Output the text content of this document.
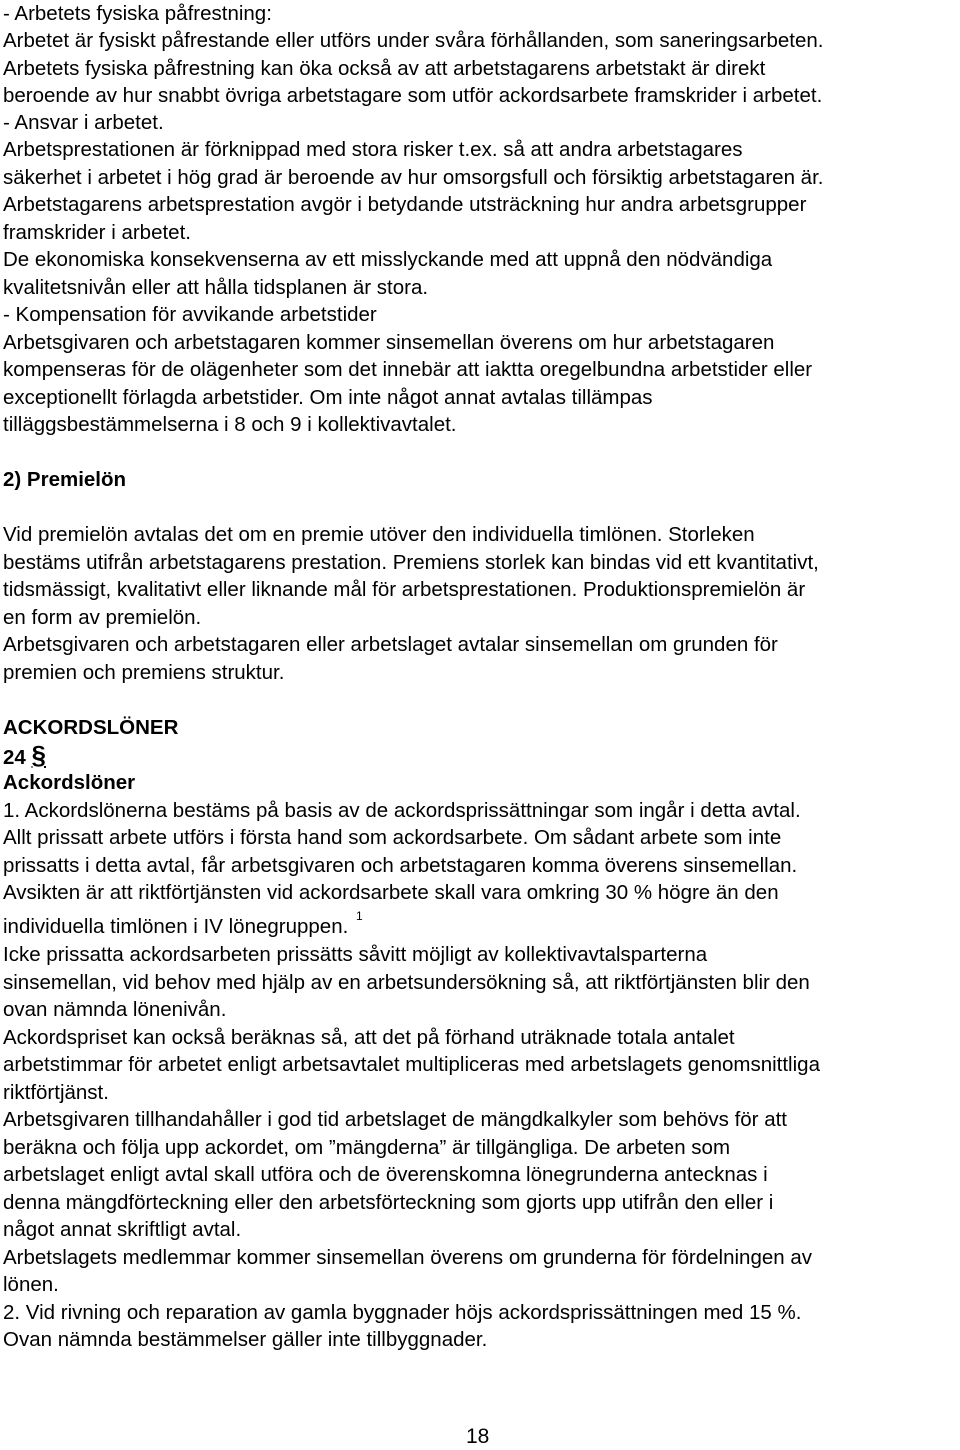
- Arbetets fysiska påfrestning:
Arbetet är fysiskt påfrestande eller utförs under svåra förhållanden, som saneringsarbeten.
Arbetets fysiska påfrestning kan öka också av att arbetstagarens arbetstakt är direkt
beroende av hur snabbt övriga arbetstagare som utför ackordsarbete framskrider i arbetet.
- Ansvar i arbetet.
Arbetsprestationen är förknippad med stora risker t.ex. så att andra arbetstagares
säkerhet i arbetet i hög grad är beroende av hur omsorgsfull och försiktig arbetstagaren är.
Arbetstagarens arbetsprestation avgör i betydande utsträckning hur andra arbetsgrupper
framskrider i arbetet.
De ekonomiska konsekvenserna av ett misslyckande med att uppnå den nödvändiga
kvalitetsnivån eller att hålla tidsplanen är stora.
- Kompensation för avvikande arbetstider
Arbetsgivaren och arbetstagaren kommer sinsemellan överens om hur arbetstagaren
kompenseras för de olägenheter som det innebär att iaktta oregelbundna arbetstider eller
exceptionellt förlagda arbetstider. Om inte något annat avtalas tillämpas
tilläggsbestämmelserna i 8 och 9 i kollektivavtalet.
2) Premielön
Vid premielön avtalas det om en premie utöver den individuella timlönen. Storleken
bestäms utifrån arbetstagarens prestation. Premiens storlek kan bindas vid ett kvantitativt,
tidsmässigt, kvalitativt eller liknande mål för arbetsprestationen. Produktionspremielön är
en form av premielön.
Arbetsgivaren och arbetstagaren eller arbetslaget avtalar sinsemellan om grunden för
premien och premiens struktur.
ACKORDSLÖNER
24 §
Ackordslöner
1. Ackordslönerna bestäms på basis av de ackordsprissättningar som ingår i detta avtal.
Allt prissatt arbete utförs i första hand som ackordsarbete. Om sådant arbete som inte
prissatts i detta avtal, får arbetsgivaren och arbetstagaren komma överens sinsemellan.
Avsikten är att riktförtjänsten vid ackordsarbete skall vara omkring 30 % högre än den
individuella timlönen i IV lönegruppen. $^1$
Icke prissatta ackordsarbeten prissätts såvitt möjligt av kollektivavtalsparterna
sinsemellan, vid behov med hjälp av en arbetsundersökning så, att riktförtjänsten blir den
ovan nämnda lönenivån.
Ackordspriset kan också beräknas så, att det på förhand uträknade totala antalet
arbetstimmar för arbetet enligt arbetsavtalet multipliceras med arbetslagets genomsnittliga
riktförtjänst.
Arbetsgivaren tillhandahåller i god tid arbetslaget de mängdkalkyler som behövs för att
beräkna och följa upp ackordet, om ”mängderna” är tillgängliga. De arbeten som
arbetslaget enligt avtal skall utföra och de överenskomna lönegrunderna antecknas i
denna mängdförteckning eller den arbetsförteckning som gjorts upp utifrån den eller i
något annat skriftligt avtal.
Arbetslagets medlemmar kommer sinsemellan överens om grunderna för fördelningen av
lönen.
2. Vid rivning och reparation av gamla byggnader höjs ackordsprissättningen med 15 %.
Ovan nämnda bestämmelser gäller inte tillbyggnader.
18
